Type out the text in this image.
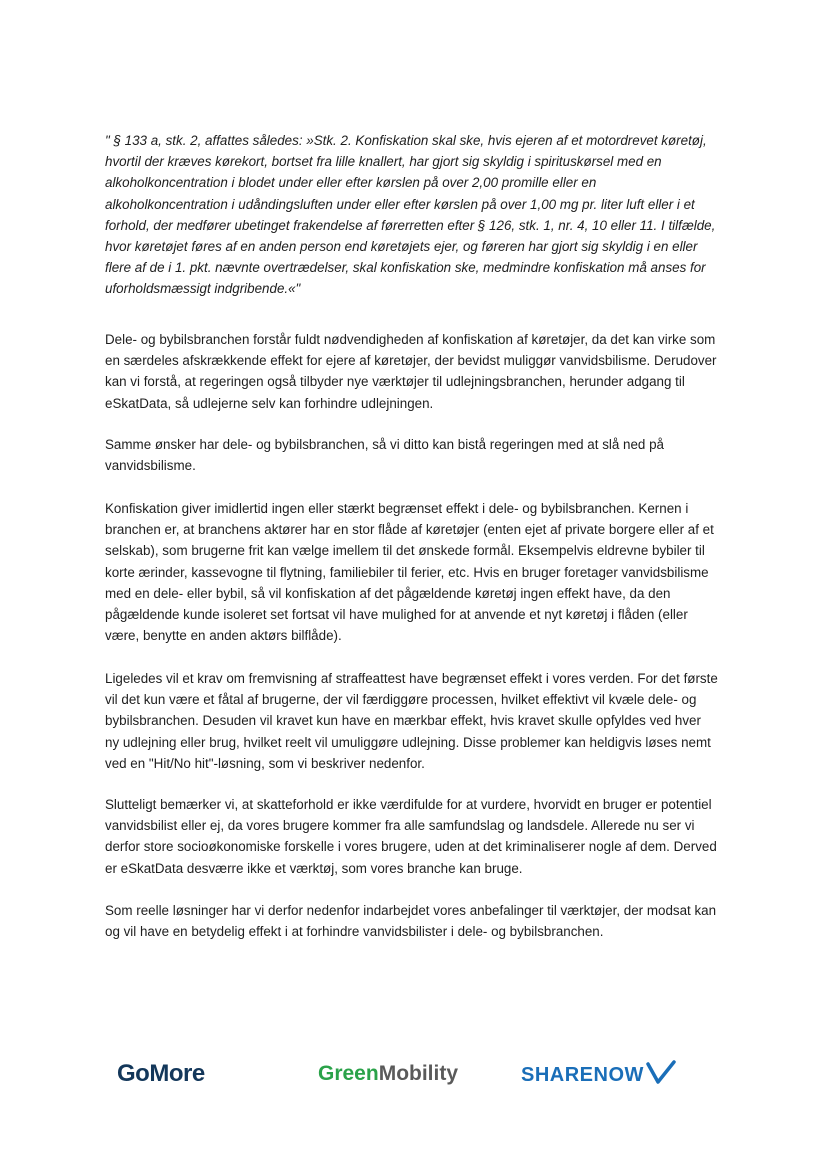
" § 133 a, stk. 2, affattes således: »Stk. 2. Konfiskation skal ske, hvis ejeren af et motordrevet køretøj, hvortil der kræves kørekort, bortset fra lille knallert, har gjort sig skyldig i spirituskørsel med en alkoholkoncentration i blodet under eller efter kørslen på over 2,00 promille eller en alkoholkoncentration i udåndingsluften under eller efter kørslen på over 1,00 mg pr. liter luft eller i et forhold, der medfører ubetinget frakendelse af førerretten efter § 126, stk. 1, nr. 4, 10 eller 11. I tilfælde, hvor køretøjet føres af en anden person end køretøjets ejer, og føreren har gjort sig skyldig i en eller flere af de i 1. pkt. nævnte overtrædelser, skal konfiskation ske, medmindre konfiskation må anses for uforholdsmæssigt indgribende.«"

Dele- og bybilsbranchen forstår fuldt nødvendigheden af konfiskation af køretøjer, da det kan virke som en særdeles afskrækkende effekt for ejere af køretøjer, der bevidst muliggør vanvidsbilisme. Derudover kan vi forstå, at regeringen også tilbyder nye værktøjer til udlejningsbranchen, herunder adgang til eSkatData, så udlejerne selv kan forhindre udlejningen.

Samme ønsker har dele- og bybilsbranchen, så vi ditto kan bistå regeringen med at slå ned på vanvidsbilisme.

Konfiskation giver imidlertid ingen eller stærkt begrænset effekt i dele- og bybilsbranchen. Kernen i branchen er, at branchens aktører har en stor flåde af køretøjer (enten ejet af private borgere eller af et selskab), som brugerne frit kan vælge imellem til det ønskede formål. Eksempelvis eldrevne bybiler til korte ærinder, kassevogne til flytning, familiebiler til ferier, etc. Hvis en bruger foretager vanvidsbilisme med en dele- eller bybil, så vil konfiskation af det pågældende køretøj ingen effekt have, da den pågældende kunde isoleret set fortsat vil have mulighed for at anvende et nyt køretøj i flåden (eller være, benytte en anden aktørs bilflåde).

Ligeledes vil et krav om fremvisning af straffeattest have begrænset effekt i vores verden. For det første vil det kun være et fåtal af brugerne, der vil færdiggøre processen, hvilket effektivt vil kvæle dele- og bybilsbranchen. Desuden vil kravet kun have en mærkbar effekt, hvis kravet skulle opfyldes ved hver ny udlejning eller brug, hvilket reelt vil umuliggøre udlejning. Disse problemer kan heldigvis løses nemt ved en "Hit/No hit"-løsning, som vi beskriver nedenfor.

Slutteligt bemærker vi, at skatteforhold er ikke værdifulde for at vurdere, hvorvidt en bruger er potentiel vanvidsbilist eller ej, da vores brugere kommer fra alle samfundslag og landsdele. Allerede nu ser vi derfor store socioøkonomiske forskelle i vores brugere, uden at det kriminaliserer nogle af dem. Derved er eSkatData desværre ikke et værktøj, som vores branche kan bruge.

Som reelle løsninger har vi derfor nedenfor indarbejdet vores anbefalinger til værktøjer, der modsat kan og vil have en betydelig effekt i at forhindre vanvidsbilister i dele- og bybilsbranchen.

GoMore	GreenMobility	SHARENOW
